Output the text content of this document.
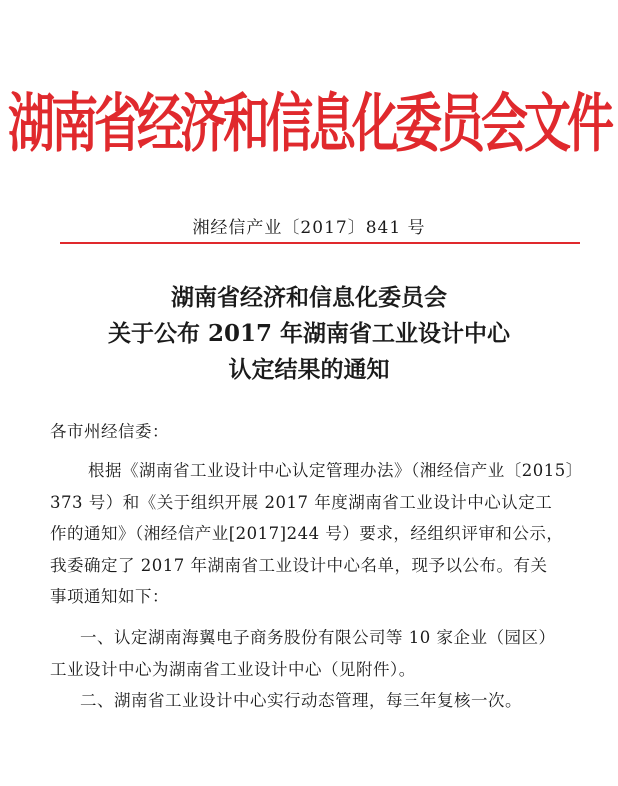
湖南省经济和信息化委员会文件
湘经信产业〔2017〕841 号
湖南省经济和信息化委员会
关于公布 2017 年湖南省工业设计中心
认定结果的通知
各市州经信委：
根据《湖南省工业设计中心认定管理办法》（湘经信产业〔2015〕
373 号）和《关于组织开展 2017 年度湖南省工业设计中心认定工
作的通知》（湘经信产业[2017]244 号）要求，经组织评审和公示，
我委确定了 2017 年湖南省工业设计中心名单，现予以公布。有关
事项通知如下：
一、认定湖南海翼电子商务股份有限公司等 10 家企业（园区）
工业设计中心为湖南省工业设计中心（见附件）。
二、湖南省工业设计中心实行动态管理，每三年复核一次。
